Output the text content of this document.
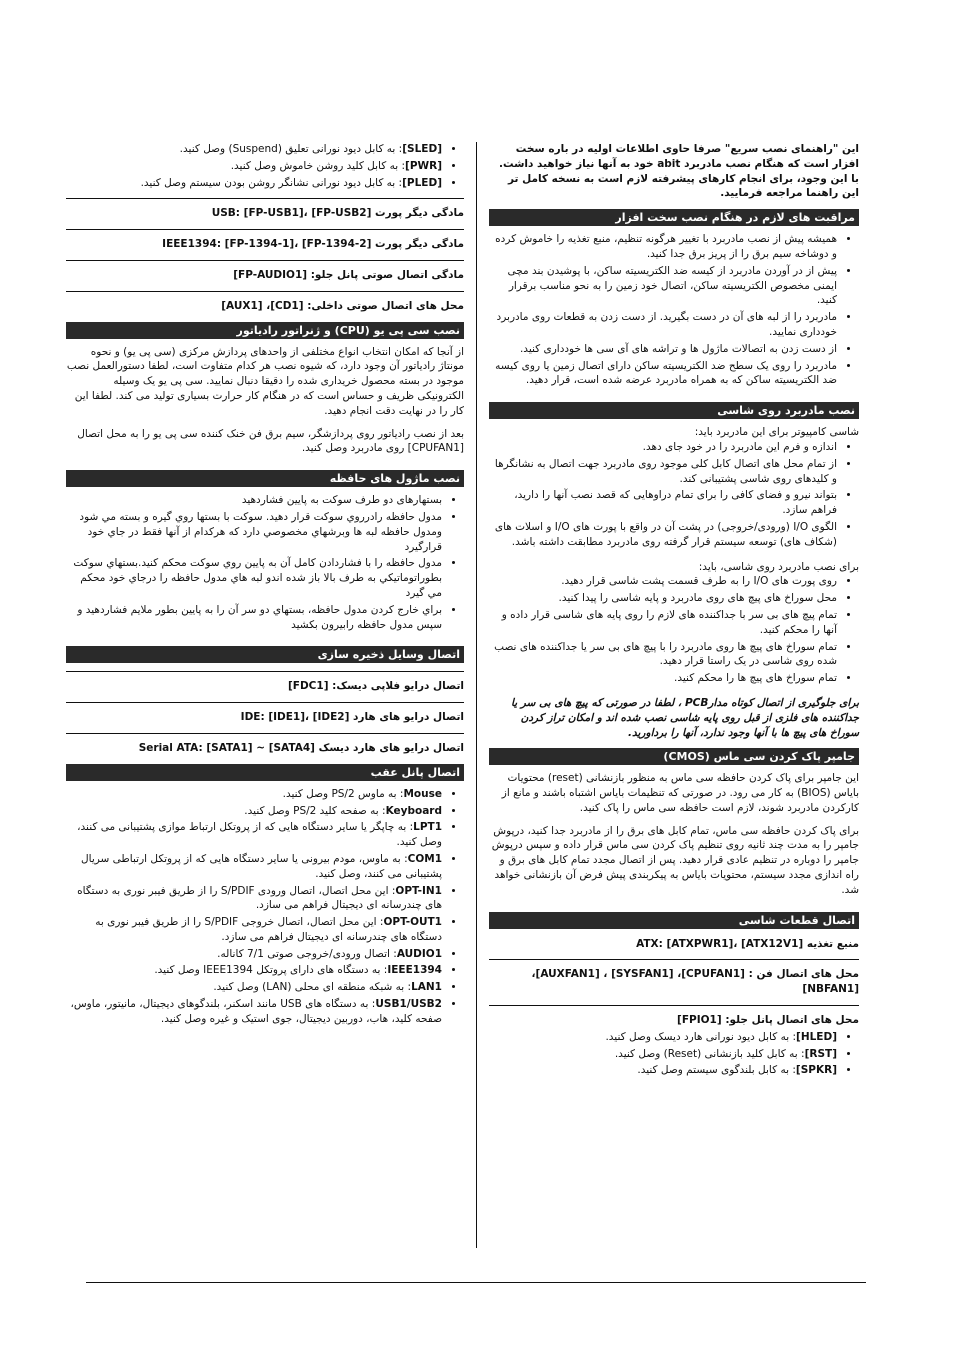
این "راهنمای نصب سریع" صرفا حاوی اطلاعات اولیه در باره سخت افزار است که هنگام نصب مادربرد abit خود به آنها نیاز خواهید داشت. با این وجود، برای انجام کارهای پیشرفته لازم است به نسخه کامل تر این راهنما مراجعه فرمایید.

مراقبت های لازم در هنگام نصب سخت افزار
• همیشه پیش از نصب مادربرد با تغییر هرگونه تنظیم، منبع تغذیه را خاموش کرده و دوشاخه سیم برق را از پریز برق جدا کنید.
• پیش از در آوردن مادربرد از کیسه ضد الکتریسیته ساکن، با پوشیدن بند مچی ایمنی مخصوص الکتریسیته ساکن، اتصال خود زمین را به نحو مناسب برقرار کنید.
• مادربرد را از لبه های آن در دست بگیرید. از دست زدن به قطعات روی مادربرد خودداری نمایید.
• از دست زدن به اتصالات ماژول ها و تراشه های آی سی ها خودداری کنید.
• مادربرد را روی یک سطح ضد الکتریسیته ساکن دارای اتصال زمین یا روی کیسه ضد الکتریسیته ساکن که به همراه مادربرد عرضه شده است، قرار دهید.
نصب مادربرد روی شاسی

شاسی کامپیوتر برای این مادربرد باید:

• اندازه و فرم این مادربرد را در خود جای دهد.
• از تمام محل های اتصال کابل کلی موجود روی مادربرد جهت اتصال به نشانگرها و کلیدهای روی شاسی پشتیبانی کند.
• بتواند نیرو و فضای کافی را برای تمام دراوهایی که قصد نصب آنها را دارید، فراهم سازد.
• الگوی I/O (ورودی/خروجی) در پشت آن در واقع با پورت های I/O و اسلات های (شکاف های) توسعه سیستم قرار گرفته روی مادربرد مطابقت داشته باشد.

برای نصب مادربرد روی شاسی، باید:

• روی پورت های I/O را به طرف قسمت پشت شاسی قرار دهید.
• محل سوراخ های پیچ های روی مادربرد و پایه شاسی را پیدا کنید.
• تمام پیچ های بی سر با جداکننده های لازم را روی پایه های شاسی قرار داده و آنها را محکم کنید.
• تمام سوراخ های پیچ ها روی مادربرد را با پیچ های بی سر یا جداکننده های نصب شده روی شاسی در یک راستا قرار دهید.
• تمام سوراخ های پیچ ها را محکم کنید.

برای جلوگیری از اتصال کوتاه مدارPCB ، لطفا در صورتی که پیچ های بی سر یا جداکننده های فلزی از قبل روی پایه شاسی نصب شده اند و امکان تراز کردن سوراخ های پیچ ها با آنها وجود ندارد، آنها را برداورید.

جامپر پاک کردن سی ماس (CMOS)

این جامپر برای پاک کردن حافظه سی ماس به منظور بازنشانی (reset) محتویات بایاس (BIOS) به کار می رود. در صورتی که تنظیمات بایاس اشتباه باشند و مانع از کارکردن مادربرد شوند، لازم است حافظه سی ماس را پاک کنید.

برای پاک کردن حافظه سی ماس، تمام کابل های برق را از مادربرد جدا کنید، درپوش جامپر را به مدت چند ثانیه روی تنظیم پاک کردن سی ماس قرار داده و سپس درپوش جامپر را دوباره در تنظیم عادی قرار دهید. پس از اتصال مجدد تمام کابل های برق و راه اندازی مجدد سیستم، محتویات بایاس به پیکربندی پیش فرض آن بازنشانی خواهد شد.

اتصال قطعات شاسی
منبع تغذیه ATX: [ATXPWR1]، [ATX12V1]
محل های اتصال فن : [CPUFAN1]، [SYSFAN1] ، [AUXFAN1]، [NBFAN1]
محل های اتصال پانل جلو: [FPIO1]
• [HLED]: به کابل دیود نورانی هارد دیسک وصل کنید.
• [RST]: به کابل کلید بازنشانی (Reset) وصل کنید.
• [SPKR]: به کابل بلندگوی سیستم وصل کنید.
• [SLED]: به کابل دیود نورانی تعلیق (Suspend) وصل کنید.
• [PWR]: به کابل کلید روشن خاموش وصل کنید.
• [PLED]: به کابل دیود نورانی نشانگر روشن بودن سیستم وصل کنید.
مادگی دیگر پورت USB: [FP-USB1]، [FP-USB2]
مادگی دیگر پورت IEEE1394: [FP-1394-1]، [FP-1394-2]
مادگی اتصال صوتی پانل جلو: [FP-AUDIO1]
محل های اتصال صوتی داخلی: [CD1]، [AUX1]
نصب سی پی یو (CPU) و ژنراتور رادیاتور

از آنجا که امکان انتخاب انواع مختلفی از واحدهای پردازش مرکزی (سی پی یو) و نحوه مونتاژ رادیاتور آن وجود دارد، که شیوه نصب هر کدام متفاوت است، لطفا دستورالعمل نصب موجود در بسته محصول خریداری شده را دقیقا دنبال نمایید. سی پی یو یک وسیله الکترونیکی ظریف و حساس است که در هنگام کار حرارت بسیاری تولید می کند. لطفا این کار را در نهایت دقت انجام دهید.

بعد از نصب رادیاتور روی پردازشگر، سیم برق فن خنک کننده سی پی یو را به محل اتصال [CPUFAN1] روی مادربرد وصل کنید.

نصب ماژول های حافظه
• بستهارهای دو طرف سوکت به پایین فشاردهید
• مدول حافظه رادرروي سوكت قرار دهيد. سوكت با بستها روي گيره و بسته مي شود ومدول حافظه لبه ها وبرشهاي مخصوصي دارد كه هركدام از آنها فقط در جاي خود قرارگيرد
• مدول حافظه را با فشاردادن كامل آن به پايين روي سوكت محكم كنيد.بستهاي سوكت بطوراتوماتيكي به طرف بالا باز شده اندو لبه هاي مدول حافظه را درجاي خود محكم مي گيرد
• براي خارج كردن مدول حافظه، بستهاي دو سر آن را به پايين بطور ملايم فشاردهيد و سپس مدول حافظه رابيرون بكشيد
اتصال وسایل ذخیره سازی
اتصال درایو فلاپی دیسک: [FDC1]
اتصال درایو های هارد IDE: [IDE1]، [IDE2]
اتصال درایو های هارد دیسک Serial ATA: [SATA1] ~ [SATA4]
اتصال پانل عقب
• Mouse: به ماوس PS/2 وصل کنید.
• Keyboard: به صفحه کلید PS/2 وصل کنید.
• LPT1: به چاپگر یا سایر دستگاه هایی که از پروتکل ارتباط موازی پشتیبانی می کنند، وصل کنید.
• COM1: به ماوس، مودم بیرونی یا سایر دستگاه هایی که از پروتکل ارتباطی سریال پشتیبانی می کنند، وصل کنید.
• OPT-IN1: این محل اتصال، اتصال ورودی S/PDIF را از طریق فیبر نوری به دستگاه های چندرسانه ای دیجیتال فراهم می سازد.
• OPT-OUT1: این محل اتصال، اتصال خروجی S/PDIF را از طریق فیبر نوری به دستگاه های چندرسانه ای دیجیتال فراهم می سازد.
• AUDIO1: اتصال ورودی/خروجی صوتی 7/1 کاناله.
• IEEE1394: به دستگاه های دارای پروتکل IEEE1394 وصل کنید.
• LAN1: به شبکه منطقه ای محلی (LAN) وصل کنید.
• USB1/USB2: به دستگاه های USB مانند اسکنر، بلندگوهای دیجیتال، مانیتور، ماوس، صفحه کلید، هاب، دوربین دیجیتال، جوی استیک و غیره وصل کنید.
